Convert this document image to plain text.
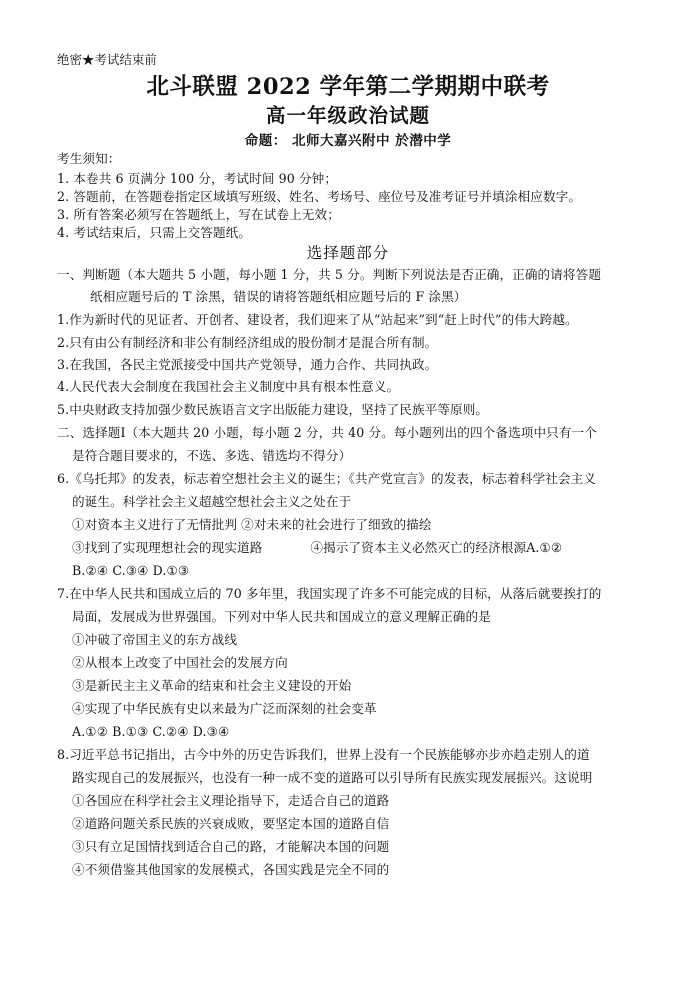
绝密★考试结束前
北斗联盟 2022 学年第二学期期中联考
高一年级政治试题
命题： 北师大嘉兴附中 於潜中学
考生须知：
1. 本卷共 6 页满分 100 分，考试时间 90 分钟；
2. 答题前，在答题卷指定区域填写班级、姓名、考场号、座位号及准考证号并填涂相应数字。
3. 所有答案必须写在答题纸上，写在试卷上无效；
4. 考试结束后，只需上交答题纸。
选择题部分
一、判断题（本大题共 5 小题，每小题 1 分，共 5 分。判断下列说法是否正确，正确的请将答题
纸相应题号后的 T 涂黑，错误的请将答题纸相应题号后的 F 涂黑）
1.作为新时代的见证者、开创者、建设者，我们迎来了从“站起来”到“赶上时代”的伟大跨越。
2.只有由公有制经济和非公有制经济组成的股份制才是混合所有制。
3.在我国，各民主党派接受中国共产党领导，通力合作、共同执政。
4.人民代表大会制度在我国社会主义制度中具有根本性意义。
5.中央财政支持加强少数民族语言文字出版能力建设，坚持了民族平等原则。
二、选择题Ⅰ（本大题共 20 小题，每小题 2 分，共 40 分。每小题列出的四个备选项中只有一个
是符合题目要求的，不选、多选、错选均不得分）
6.《乌托邦》的发表，标志着空想社会主义的诞生；《共产党宣言》的发表，标志着科学社会主义
的诞生。科学社会主义超越空想社会主义之处在于
①对资本主义进行了无情批判 ②对未来的社会进行了细致的描绘
③找到了实现理想社会的现实道路	④揭示了资本主义必然灭亡的经济根源A.①②
B.②④ C.③④ D.①③
7.在中华人民共和国成立后的 70 多年里，我国实现了许多不可能完成的目标，从落后就要挨打的
局面，发展成为世界强国。下列对中华人民共和国成立的意义理解正确的是
①冲破了帝国主义的东方战线
②从根本上改变了中国社会的发展方向
③是新民主主义革命的结束和社会主义建设的开始
④实现了中华民族有史以来最为广泛而深刻的社会变革
A.①② B.①③ C.②④ D.③④
8.习近平总书记指出，古今中外的历史告诉我们，世界上没有一个民族能够亦步亦趋走别人的道
路实现自己的发展振兴，也没有一种一成不变的道路可以引导所有民族实现发展振兴。这说明
①各国应在科学社会主义理论指导下，走适合自己的道路
②道路问题关系民族的兴衰成败，要坚定本国的道路自信
③只有立足国情找到适合自己的路，才能解决本国的问题
④不须借鉴其他国家的发展模式，各国实践是完全不同的
